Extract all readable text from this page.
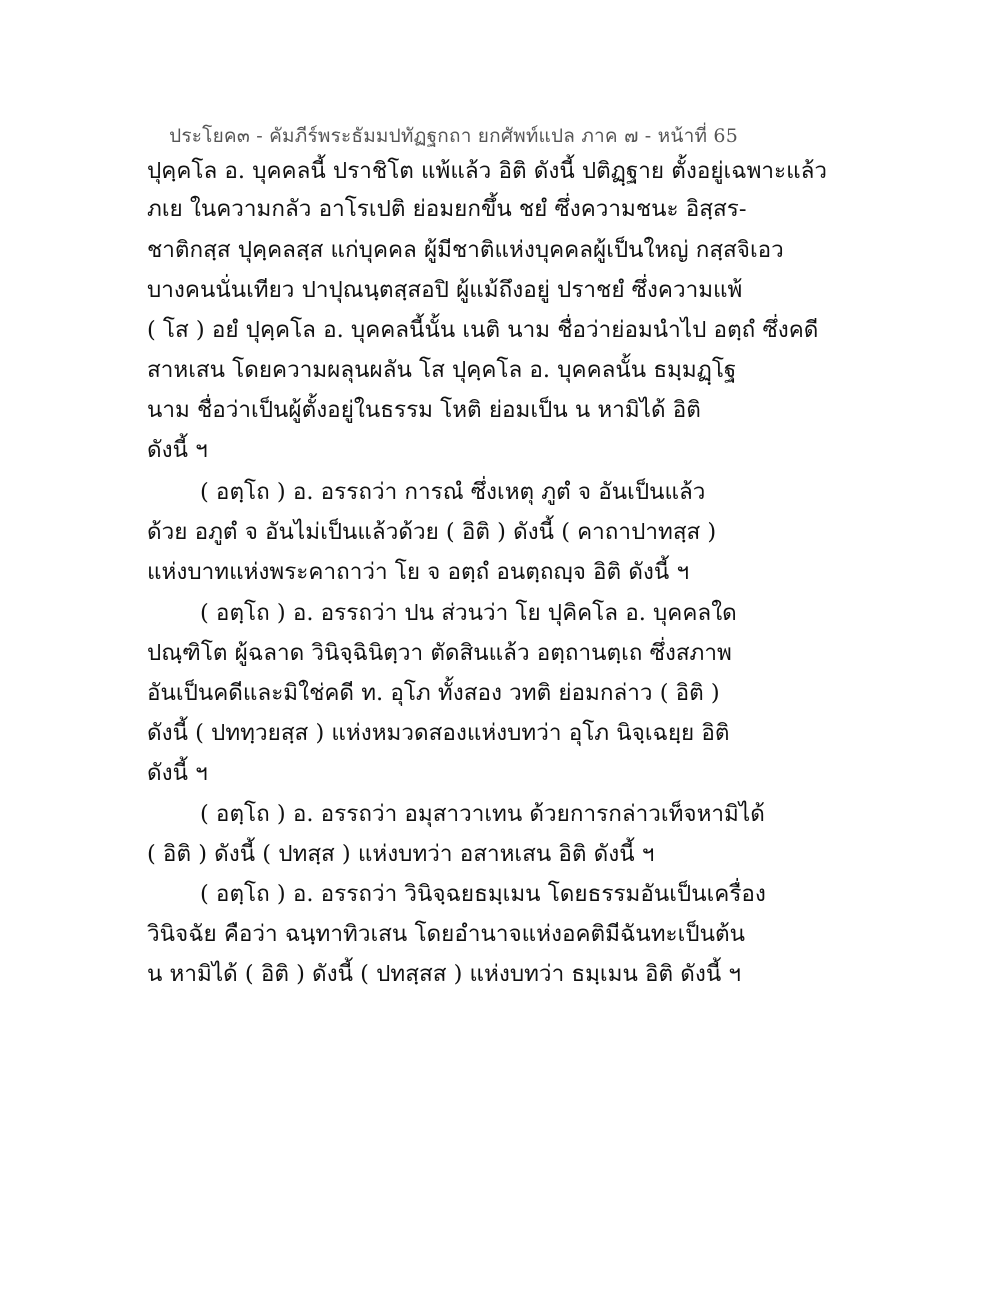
ประโยค๓ - คัมภีร์พระธัมมปทัฏฐกถา ยกศัพท์แปล ภาค ๗ - หน้าที่ 65
ปุคฺคโล อ. บุคคลนี้ ปราชิโต แพ้แล้ว อิติ ดังนี้ ปติฏฺฐาย ตั้งอยู่เฉพาะแล้ว
ภเย ในความกลัว อาโรเปติ ย่อมยกขึ้น ชยํ ซึ่งความชนะ อิสฺสร-
ชาติกสฺส ปุคฺคลสฺส แก่บุคคล ผู้มีชาติแห่งบุคคลผู้เป็นใหญ่ กสฺสจิเอว
บางคนนั่นเทียว ปาปุณนฺตสฺสอปิ ผู้แม้ถึงอยู่ ปราชยํ ซึ่งความแพ้
( โส ) อยํ ปุคฺคโล อ. บุคคลนี้นั้น เนติ นาม ชื่อว่าย่อมนำไป อตฺถํ ซึ่งคดี
สาหเสน โดยความผลุนผลัน โส ปุคฺคโล อ. บุคคลนั้น ธมฺมฏฺโฐ
นาม ชื่อว่าเป็นผู้ตั้งอยู่ในธรรม โหติ ย่อมเป็น น หามิได้ อิติ
ดังนี้ ฯ
( อตฺโถ ) อ. อรรถว่า การณํ ซึ่งเหตุ ภูตํ จ อันเป็นแล้ว
ด้วย อภูตํ จ อันไม่เป็นแล้วด้วย ( อิติ ) ดังนี้ ( คาถาปาทสฺส )
แห่งบาทแห่งพระคาถาว่า โย จ อตฺถํ อนตฺถญฺจ อิติ ดังนี้ ฯ
( อตฺโถ ) อ. อรรถว่า ปน ส่วนว่า โย ปุคิคโล อ. บุคคลใด
ปณฺฑิโต ผู้ฉลาด วินิจฺฉินิตฺวา ตัดสินแล้ว อตฺถานตฺเถ ซึ่งสภาพ
อันเป็นคดีและมิใช่คดี ท. อุโภ ทั้งสอง วทติ ย่อมกล่าว ( อิติ )
ดังนี้ ( ปททฺวยสฺส ) แห่งหมวดสองแห่งบทว่า อุโภ นิจฺเฉยฺย อิติ
ดังนี้ ฯ
( อตฺโถ ) อ. อรรถว่า อมุสาวาเทน ด้วยการกล่าวเท็จหามิได้
( อิติ ) ดังนี้ ( ปทสฺส ) แห่งบทว่า อสาหเสน อิติ ดังนี้ ฯ
( อตฺโถ ) อ. อรรถว่า วินิจฺฉยธมฺเมน โดยธรรมอันเป็นเครื่อง
วินิจฉัย คือว่า ฉนฺทาทิวเสน โดยอำนาจแห่งอคติมีฉันทะเป็นต้น
น หามิได้ ( อิติ ) ดังนี้ ( ปทสฺสส ) แห่งบทว่า ธมฺเมน อิติ ดังนี้ ฯ
